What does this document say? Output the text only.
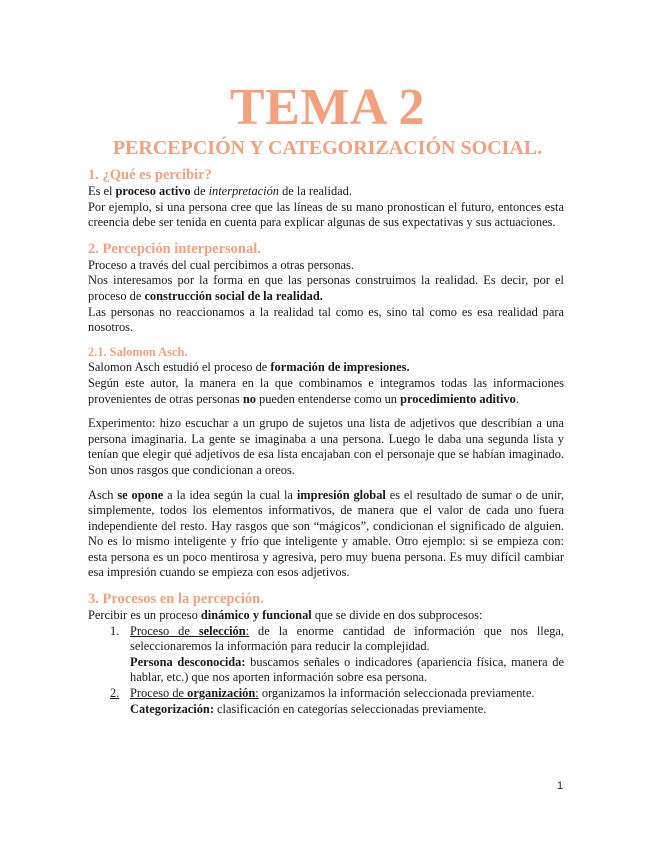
TEMA 2
PERCEPCIÓN Y CATEGORIZACIÓN SOCIAL.
1. ¿Qué es percibir?

Es el proceso activo de interpretación de la realidad.

Por ejemplo, si una persona cree que las líneas de su mano pronostican el futuro, entonces esta creencia debe ser tenida en cuenta para explicar algunas de sus expectativas y sus actuaciones.

2. Percepción interpersonal.

Proceso a través del cual percibimos a otras personas.

Nos interesamos por la forma en que las personas construimos la realidad. Es decir, por el proceso de construcción social de la realidad.

Las personas no reaccionamos a la realidad tal como es, sino tal como es esa realidad para nosotros.

2.1. Salomon Asch.

Salomon Asch estudió el proceso de formación de impresiones.

Según este autor, la manera en la que combinamos e integramos todas las informaciones provenientes de otras personas no pueden entenderse como un procedimiento aditivo.

Experimento: hizo escuchar a un grupo de sujetos una lista de adjetivos que describían a una persona imaginaria. La gente se imaginaba a una persona. Luego le daba una segunda lista y tenían que elegir qué adjetivos de esa lista encajaban con el personaje que se habían imaginado. Son unos rasgos que condicionan a oreos.

Asch se opone a la idea según la cual la impresión global es el resultado de sumar o de unir, simplemente, todos los elementos informativos, de manera que el valor de cada uno fuera independiente del resto. Hay rasgos que son “mágicos”, condicionan el significado de alguien. No es lo mismo inteligente y frío que inteligente y amable. Otro ejemplo: si se empieza con: esta persona es un poco mentirosa y agresiva, pero muy buena persona. Es muy difícil cambiar esa impresión cuando se empieza con esos adjetivos.

3. Procesos en la percepción.

Percibir es un proceso dinámico y funcional que se divide en dos subprocesos:

1. Proceso de selección: de la enorme cantidad de información que nos llega, seleccionaremos la información para reducir la complejidad.
Persona desconocida: buscamos señales o indicadores (apariencia física, manera de hablar, etc.) que nos aporten información sobre esa persona.
2. Proceso de organización: organizamos la información seleccionada previamente.
Categorización: clasificación en categorías seleccionadas previamente.
1
